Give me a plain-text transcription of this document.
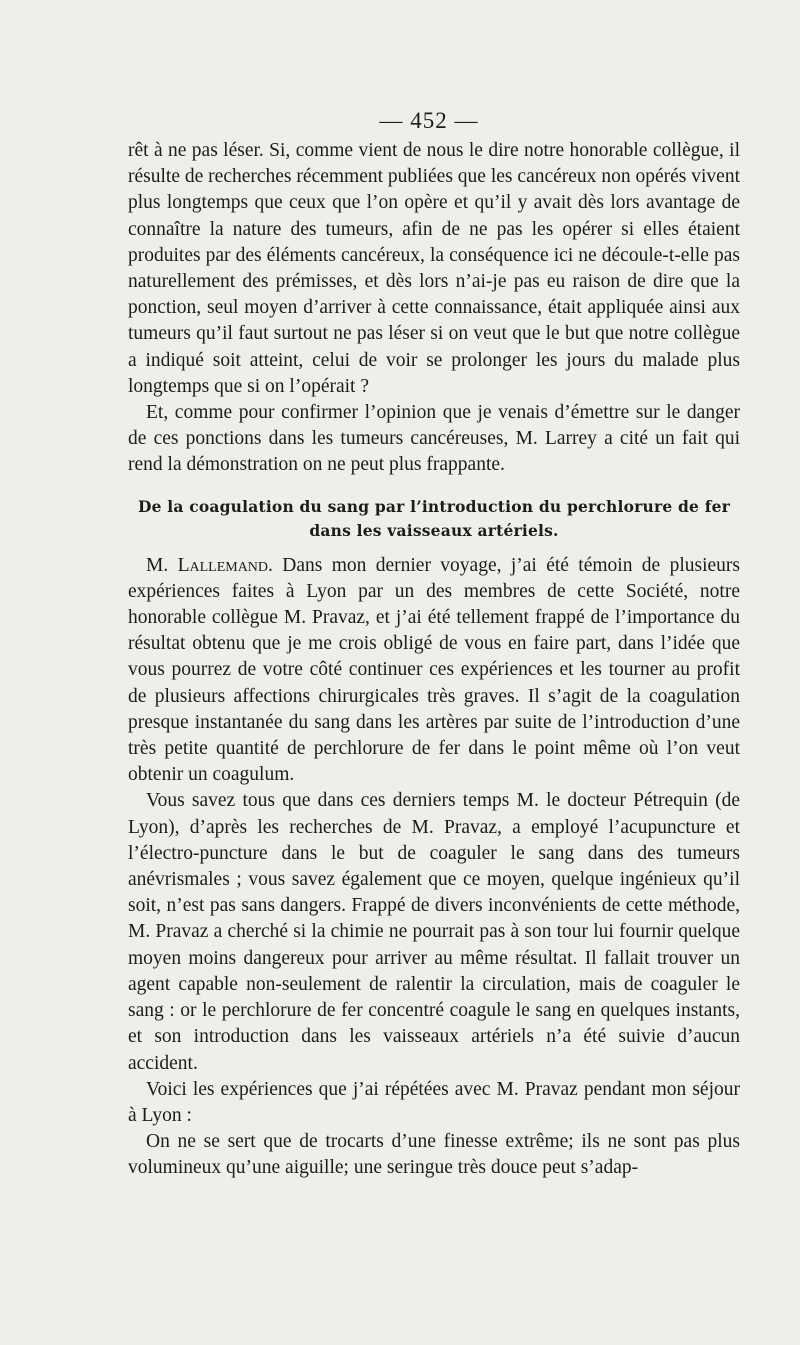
— 452 —

rêt à ne pas léser. Si, comme vient de nous le dire notre honorable collègue, il résulte de recherches récemment publiées que les cancéreux non opérés vivent plus longtemps que ceux que l’on opère et qu’il y avait dès lors avantage de connaître la nature des tumeurs, afin de ne pas les opérer si elles étaient produites par des éléments cancéreux, la conséquence ici ne découle-t-elle pas naturellement des prémisses, et dès lors n’ai-je pas eu raison de dire que la ponction, seul moyen d’arriver à cette connaissance, était appliquée ainsi aux tumeurs qu’il faut surtout ne pas léser si on veut que le but que notre collègue a indiqué soit atteint, celui de voir se prolonger les jours du malade plus longtemps que si on l’opérait ?

Et, comme pour confirmer l’opinion que je venais d’émettre sur le danger de ces ponctions dans les tumeurs cancéreuses, M. Larrey a cité un fait qui rend la démonstration on ne peut plus frappante.

De la coagulation du sang par l’introduction du perchlorure de fer dans les vaisseaux artériels.

M. Lallemand. Dans mon dernier voyage, j’ai été témoin de plusieurs expériences faites à Lyon par un des membres de cette Société, notre honorable collègue M. Pravaz, et j’ai été tellement frappé de l’importance du résultat obtenu que je me crois obligé de vous en faire part, dans l’idée que vous pourrez de votre côté continuer ces expériences et les tourner au profit de plusieurs affections chirurgicales très graves. Il s’agit de la coagulation presque instantanée du sang dans les artères par suite de l’introduction d’une très petite quantité de perchlorure de fer dans le point même où l’on veut obtenir un coagulum.

Vous savez tous que dans ces derniers temps M. le docteur Pétrequin (de Lyon), d’après les recherches de M. Pravaz, a employé l’acupuncture et l’électro-puncture dans le but de coaguler le sang dans des tumeurs anévrismales ; vous savez également que ce moyen, quelque ingénieux qu’il soit, n’est pas sans dangers. Frappé de divers inconvénients de cette méthode, M. Pravaz a cherché si la chimie ne pourrait pas à son tour lui fournir quelque moyen moins dangereux pour arriver au même résultat. Il fallait trouver un agent capable non-seulement de ralentir la circulation, mais de coaguler le sang : or le perchlorure de fer concentré coagule le sang en quelques instants, et son introduction dans les vaisseaux artériels n’a été suivie d’aucun accident.

Voici les expériences que j’ai répétées avec M. Pravaz pendant mon séjour à Lyon :

On ne se sert que de trocarts d’une finesse extrême; ils ne sont pas plus volumineux qu’une aiguille; une seringue très douce peut s’adap-
